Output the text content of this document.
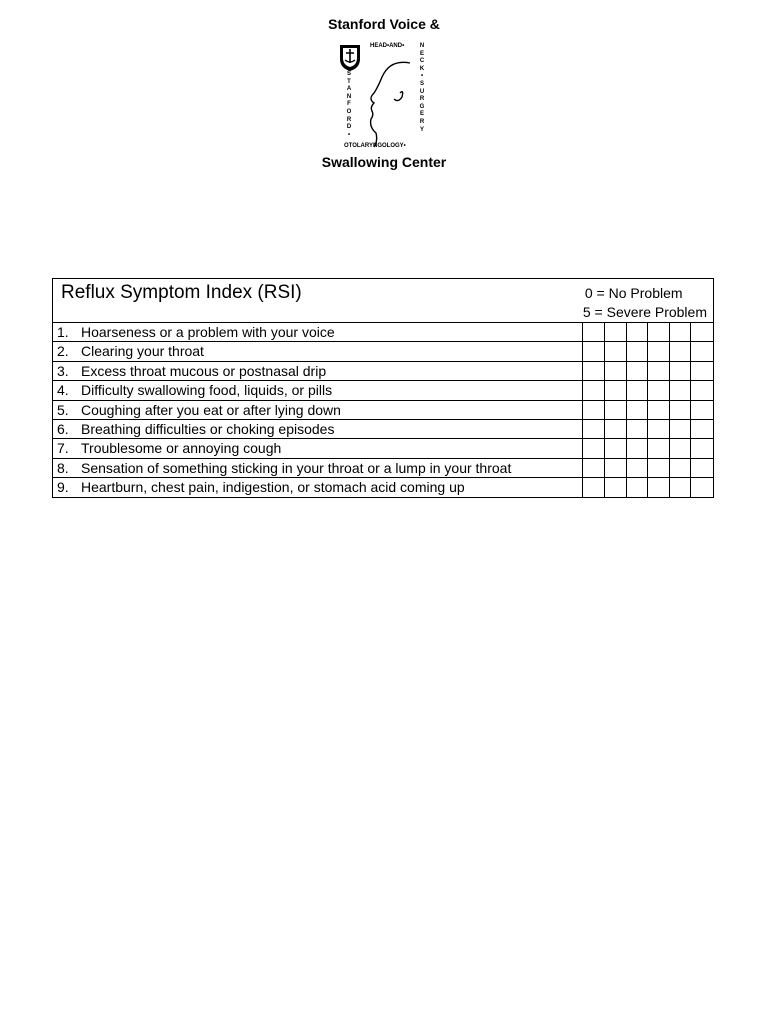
Stanford Voice &
HEAD•AND•	N
E
C
K
•
S
U
R
G
E
R
Y
S
T
A
N
F
O
R
D
•
OTOLARYNGOLOGY•
Swallowing Center
Reflux Symptom Index (RSI)	0 = No Problem
5 = Severe Problem
1. Hoarseness or a problem with your voice
2. Clearing your throat
3. Excess throat mucous or postnasal drip
4. Difficulty swallowing food, liquids, or pills
5. Coughing after you eat or after lying down
6. Breathing difficulties or choking episodes
7. Troublesome or annoying cough
8. Sensation of something sticking in your throat or a lump in your throat
9. Heartburn, chest pain, indigestion, or stomach acid coming up
